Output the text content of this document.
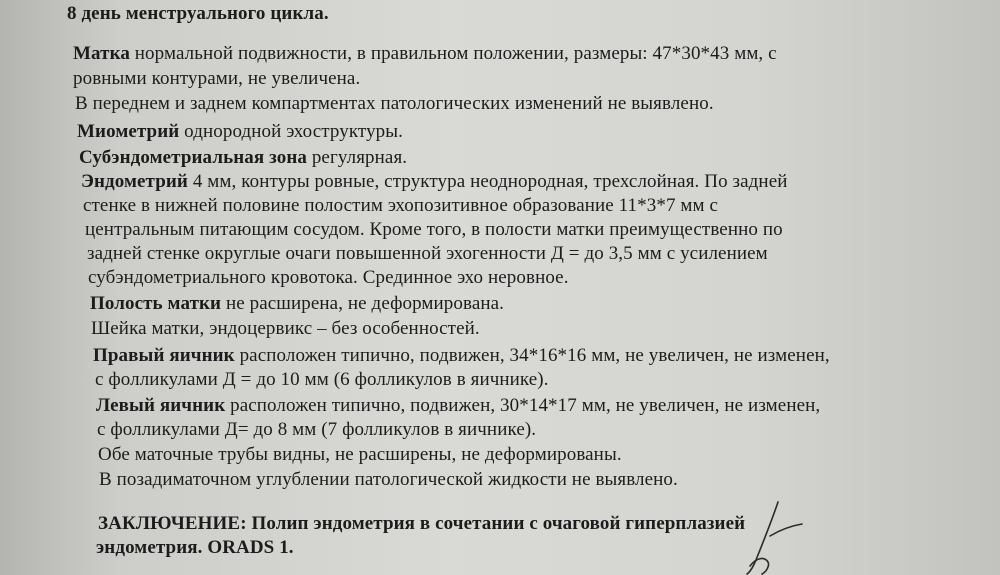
8 день менструального цикла.
Матка нормальной подвижности, в правильном положении, размеры: 47*30*43 мм, с
ровными контурами, не увеличена.
В переднем и заднем компартментах патологических изменений не выявлено.
Миометрий однородной эхоструктуры.
Субэндометриальная зона регулярная.
Эндометрий 4 мм, контуры ровные, структура неоднородная, трехслойная. По задней
стенке в нижней половине полостим эхопозитивное образование 11*3*7 мм с
центральным питающим сосудом. Кроме того, в полости матки преимущественно по
задней стенке округлые очаги повышенной эхогенности Д = до 3,5 мм с усилением
субэндометриального кровотока. Срединное эхо неровное.
Полость матки не расширена, не деформирована.
Шейка матки, эндоцервикс – без особенностей.
Правый яичник расположен типично, подвижен, 34*16*16 мм, не увеличен, не изменен,
с фолликулами Д = до 10 мм (6 фолликулов в яичнике).
Левый яичник расположен типично, подвижен, 30*14*17 мм, не увеличен, не изменен,
с фолликулами Д= до 8 мм (7 фолликулов в яичнике).
Обе маточные трубы видны, не расширены, не деформированы.
В позадиматочном углублении патологической жидкости не выявлено.
ЗАКЛЮЧЕНИЕ: Полип эндометрия в сочетании с очаговой гиперплазией
эндометрия. ORADS 1.
